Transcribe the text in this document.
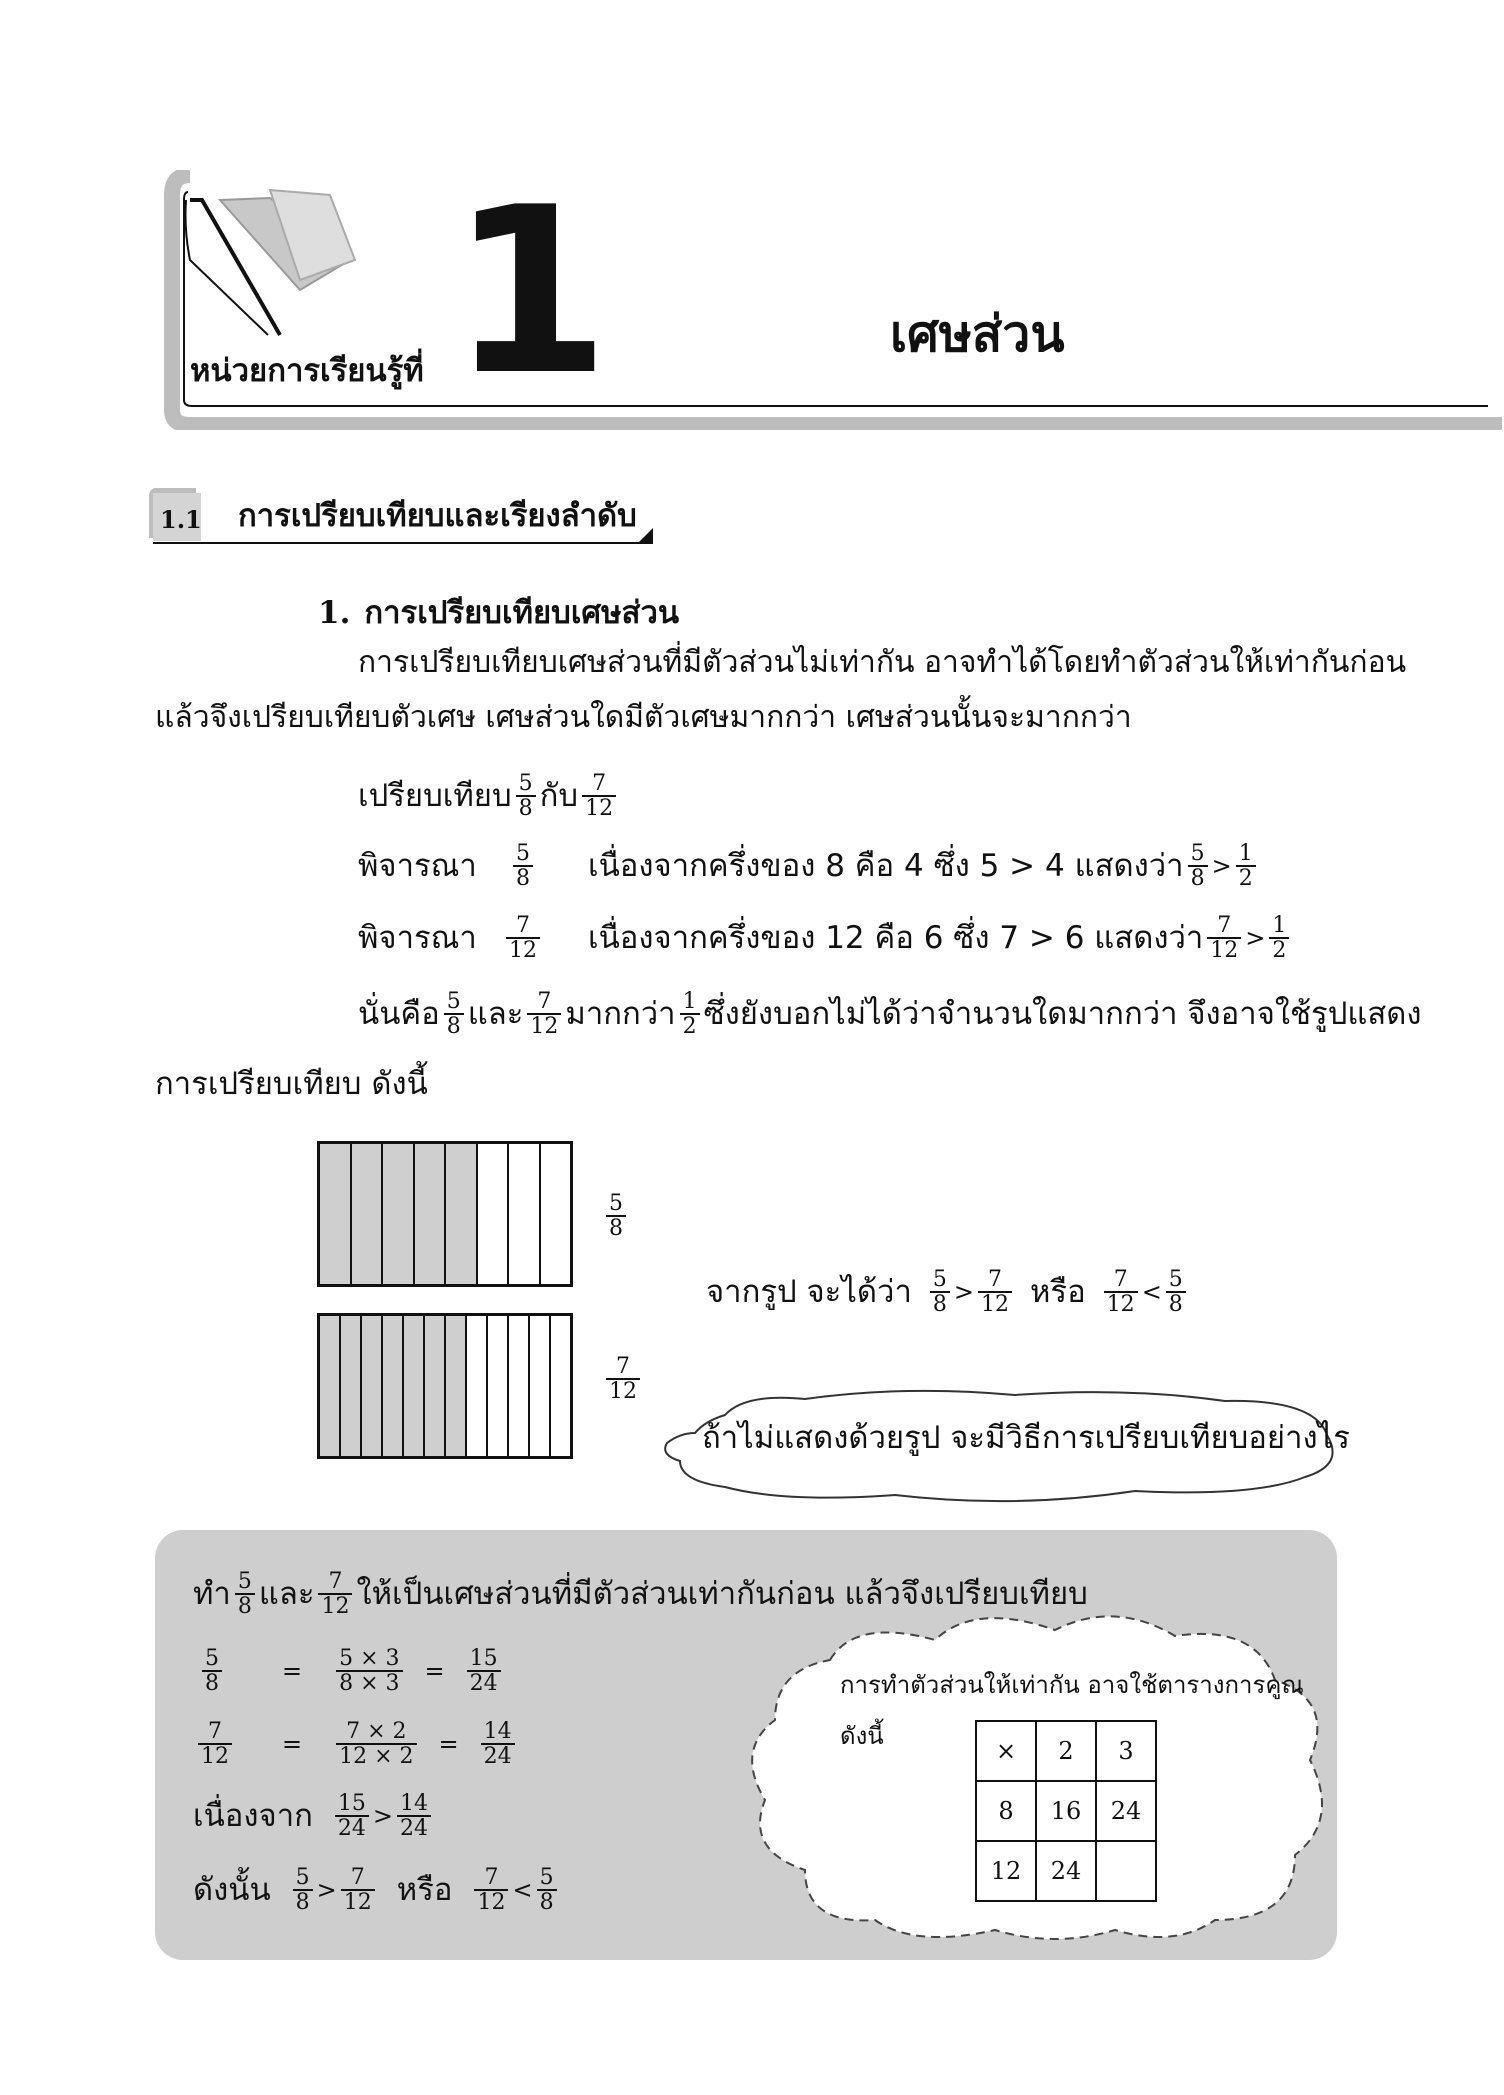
หน่วยการเรียนรู้ที่ 1	เศษส่วน
1.1 การเปรียบเทียบและเรียงลำดับ
1. การเปรียบเทียบเศษส่วน
การเปรียบเทียบเศษส่วนที่มีตัวส่วนไม่เท่ากัน อาจทำได้โดยทำตัวส่วนให้เท่ากันก่อน
แล้วจึงเปรียบเทียบตัวเศษ เศษส่วนใดมีตัวเศษมากกว่า เศษส่วนนั้นจะมากกว่า
เปรียบเทียบ $\frac{5}{8}$ กับ $\frac{7}{12}$
พิจารณา $\frac{5}{8}$ เนื่องจากครึ่งของ 8 คือ 4 ซึ่ง 5 > 4 แสดงว่า $\frac{5}{8} > \frac{1}{2}$
พิจารณา $\frac{7}{12}$ เนื่องจากครึ่งของ 12 คือ 6 ซึ่ง 7 > 6 แสดงว่า $\frac{7}{12} > \frac{1}{2}$
นั่นคือ $\frac{5}{8}$ และ $\frac{7}{12}$ มากกว่า $\frac{1}{2}$ ซึ่งยังบอกไม่ได้ว่าจำนวนใดมากกว่า จึงอาจใช้รูปแสดง
การเปรียบเทียบ ดังนี้
$\frac{5}{8}$
$\frac{7}{12}$
จากรูป จะได้ว่า $\frac{5}{8} > \frac{7}{12}$ หรือ $\frac{7}{12} < \frac{5}{8}$
ถ้าไม่แสดงด้วยรูป จะมีวิธีการเปรียบเทียบอย่างไร
ทำ $\frac{5}{8}$ และ $\frac{7}{12}$ ให้เป็นเศษส่วนที่มีตัวส่วนเท่ากันก่อน แล้วจึงเปรียบเทียบ
$\frac{5}{8} = \frac{5 \times 3}{8 \times 3} = \frac{15}{24}$
$\frac{7}{12} = \frac{7 \times 2}{12 \times 2} = \frac{14}{24}$
เนื่องจาก $\frac{15}{24} > \frac{14}{24}$
ดังนั้น $\frac{5}{8} > \frac{7}{12}$ หรือ $\frac{7}{12} < \frac{5}{8}$
การทำตัวส่วนให้เท่ากัน อาจใช้ตารางการคูณ
ดังนี้
×	2	3
8	16	24
12	24	
